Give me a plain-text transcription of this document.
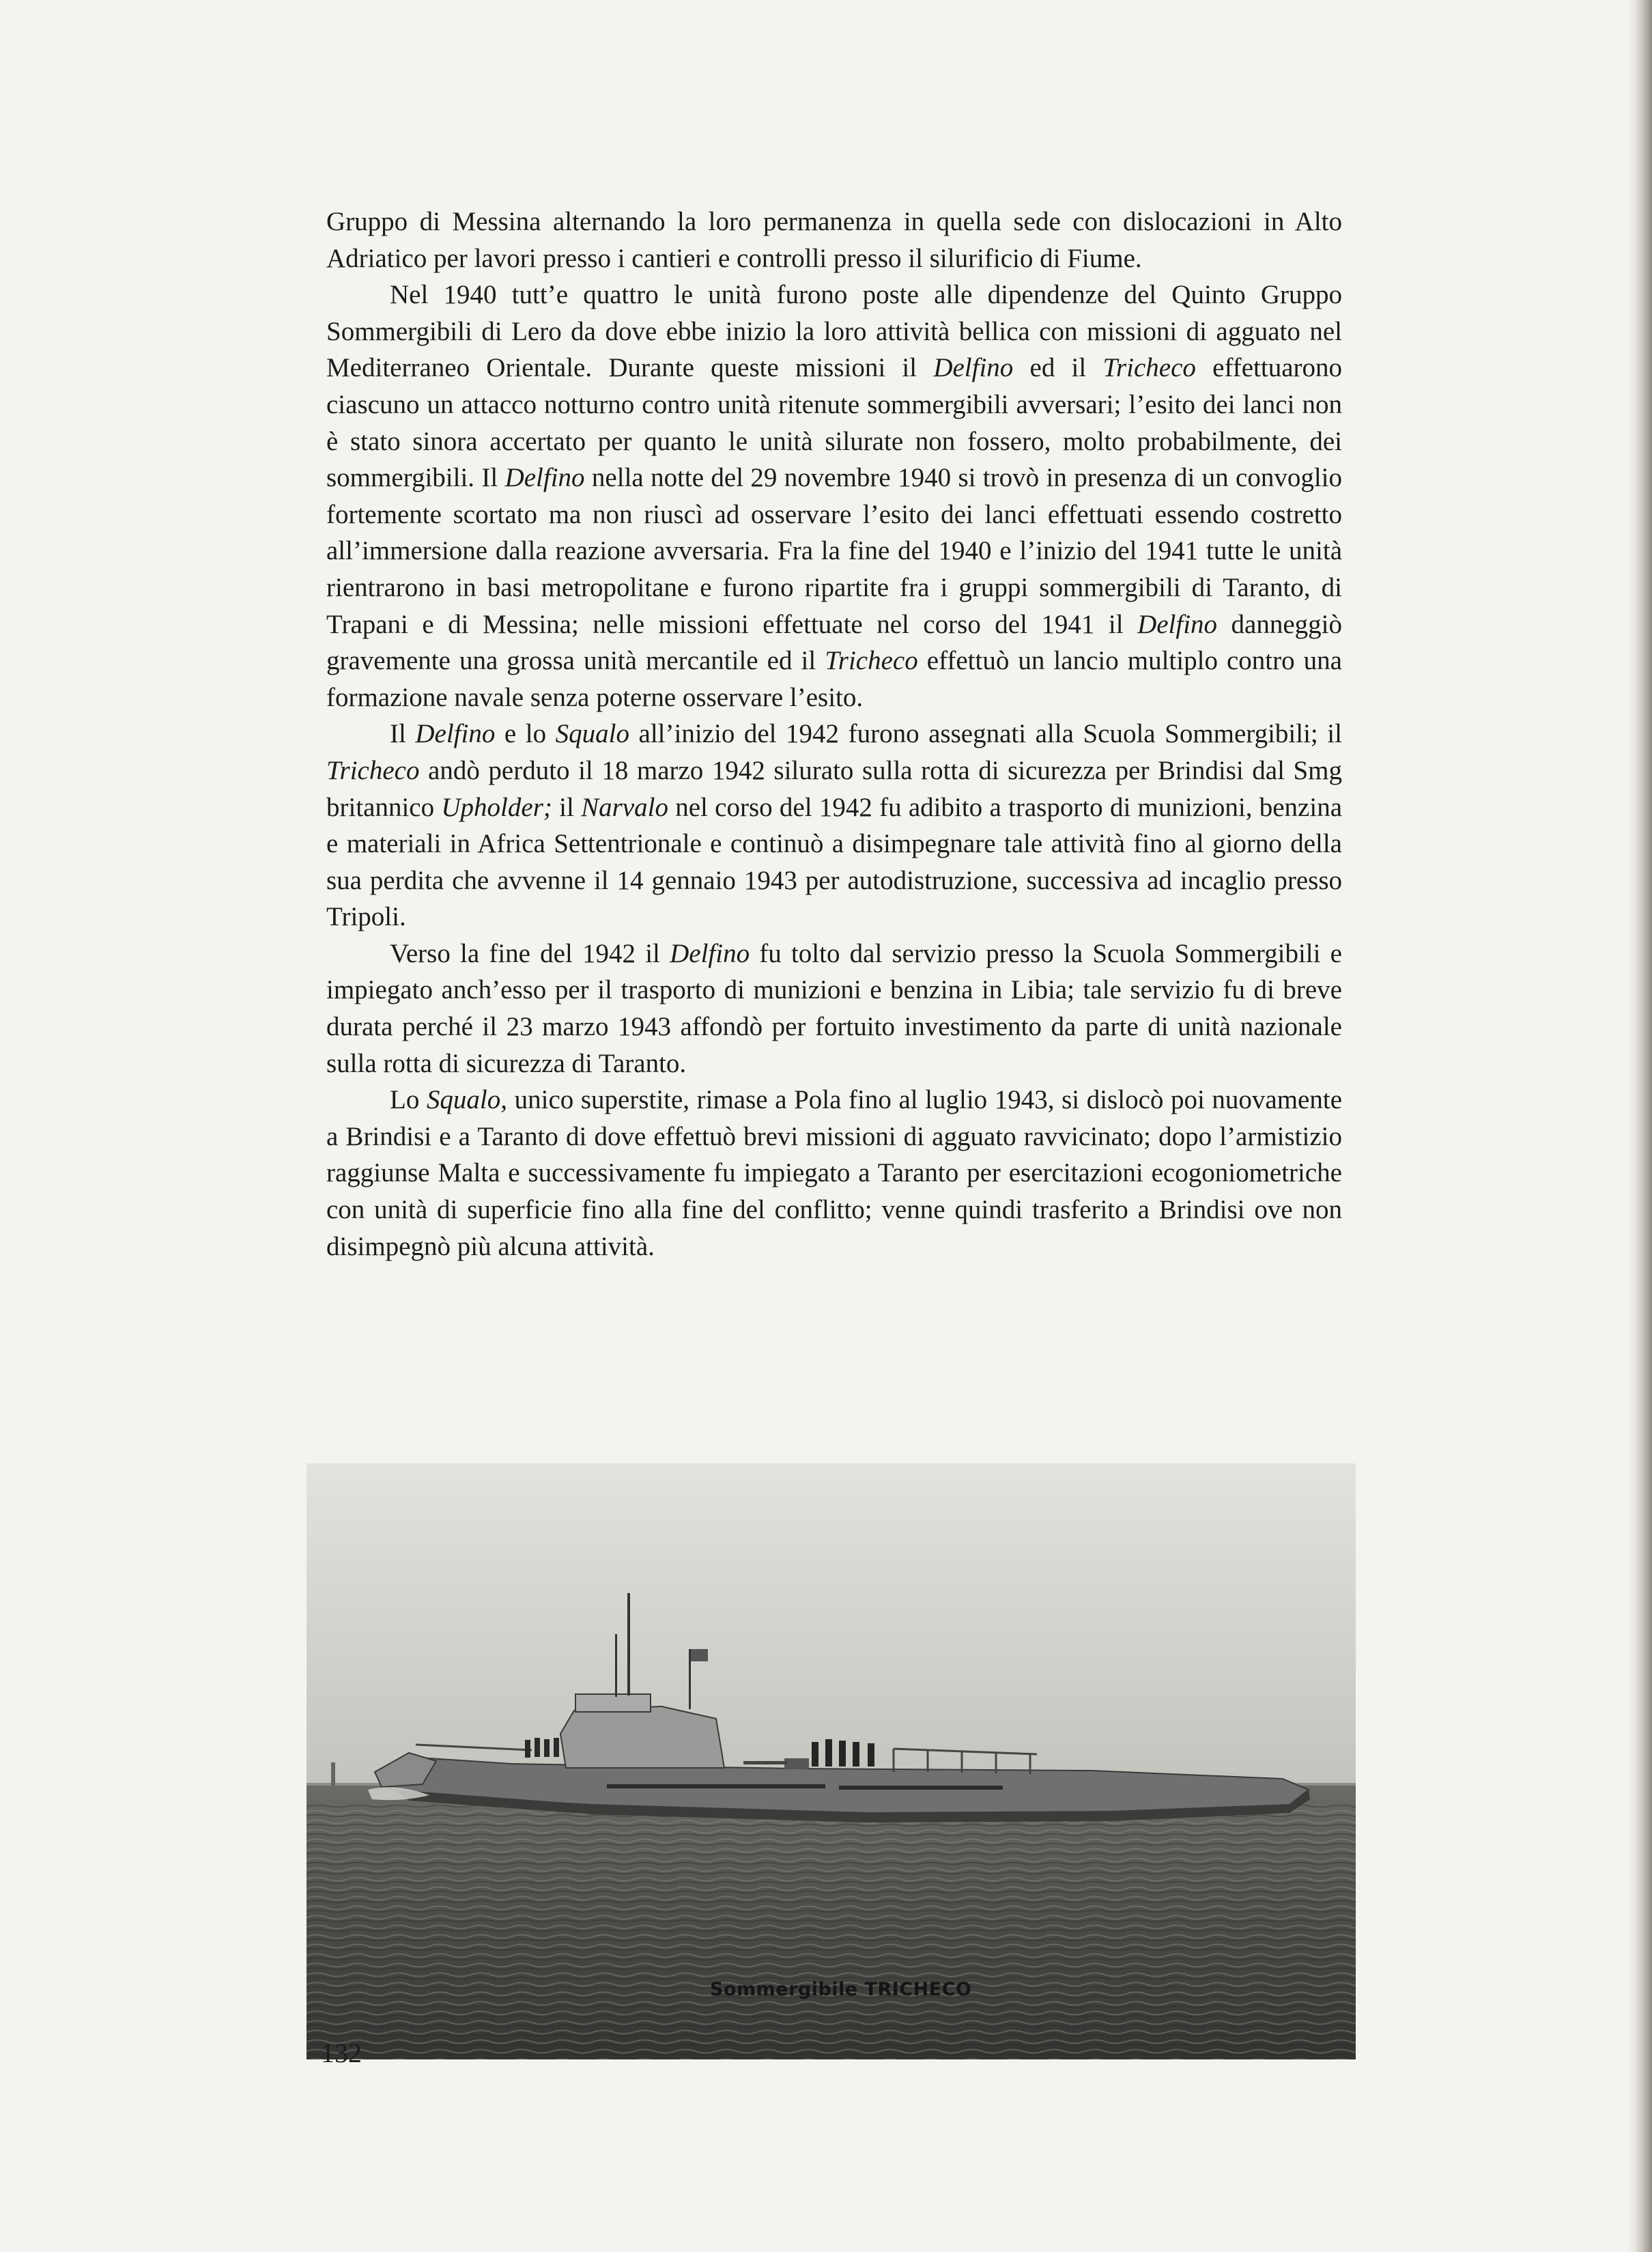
Gruppo di Messina alternando la loro permanenza in quella sede con dislocazioni in Alto Adriatico per lavori presso i cantieri e controlli presso il silurificio di Fiume.

Nel 1940 tutt’e quattro le unità furono poste alle dipendenze del Quinto Gruppo Sommergibili di Lero da dove ebbe inizio la loro attività bellica con missioni di agguato nel Mediterraneo Orientale. Durante queste missioni il Delfino ed il Tricheco effettuarono ciascuno un attacco notturno contro unità ritenute sommergibili avversari; l’esito dei lanci non è stato sinora accertato per quanto le unità silurate non fossero, molto probabilmente, dei sommergibili. Il Delfino nella notte del 29 novembre 1940 si trovò in presenza di un convoglio fortemente scortato ma non riuscì ad osservare l’esito dei lanci effettuati essendo costretto all’immersione dalla reazione avversaria. Fra la fine del 1940 e l’inizio del 1941 tutte le unità rientrarono in basi metropolitane e furono ripartite fra i gruppi sommergibili di Taranto, di Trapani e di Messina; nelle missioni effettuate nel corso del 1941 il Delfino danneggiò gravemente una grossa unità mercantile ed il Tricheco effettuò un lancio multiplo contro una formazione navale senza poterne osservare l’esito.

Il Delfino e lo Squalo all’inizio del 1942 furono assegnati alla Scuola Sommergibili; il Tricheco andò perduto il 18 marzo 1942 silurato sulla rotta di sicurezza per Brindisi dal Smg britannico Upholder; il Narvalo nel corso del 1942 fu adibito a trasporto di munizioni, benzina e materiali in Africa Settentrionale e continuò a disimpegnare tale attività fino al giorno della sua perdita che avvenne il 14 gennaio 1943 per autodistruzione, successiva ad incaglio presso Tripoli.

Verso la fine del 1942 il Delfino fu tolto dal servizio presso la Scuola Sommergibili e impiegato anch’esso per il trasporto di munizioni e benzina in Libia; tale servizio fu di breve durata perché il 23 marzo 1943 affondò per fortuito investimento da parte di unità nazionale sulla rotta di sicurezza di Taranto.

Lo Squalo, unico superstite, rimase a Pola fino al luglio 1943, si dislocò poi nuovamente a Brindisi e a Taranto di dove effettuò brevi missioni di agguato ravvicinato; dopo l’armistizio raggiunse Malta e successivamente fu impiegato a Taranto per esercitazioni ecogoniometriche con unità di superficie fino alla fine del conflitto; venne quindi trasferito a Brindisi ove non disimpegnò più alcuna attività.

Sommergibile TRICHECO
132
